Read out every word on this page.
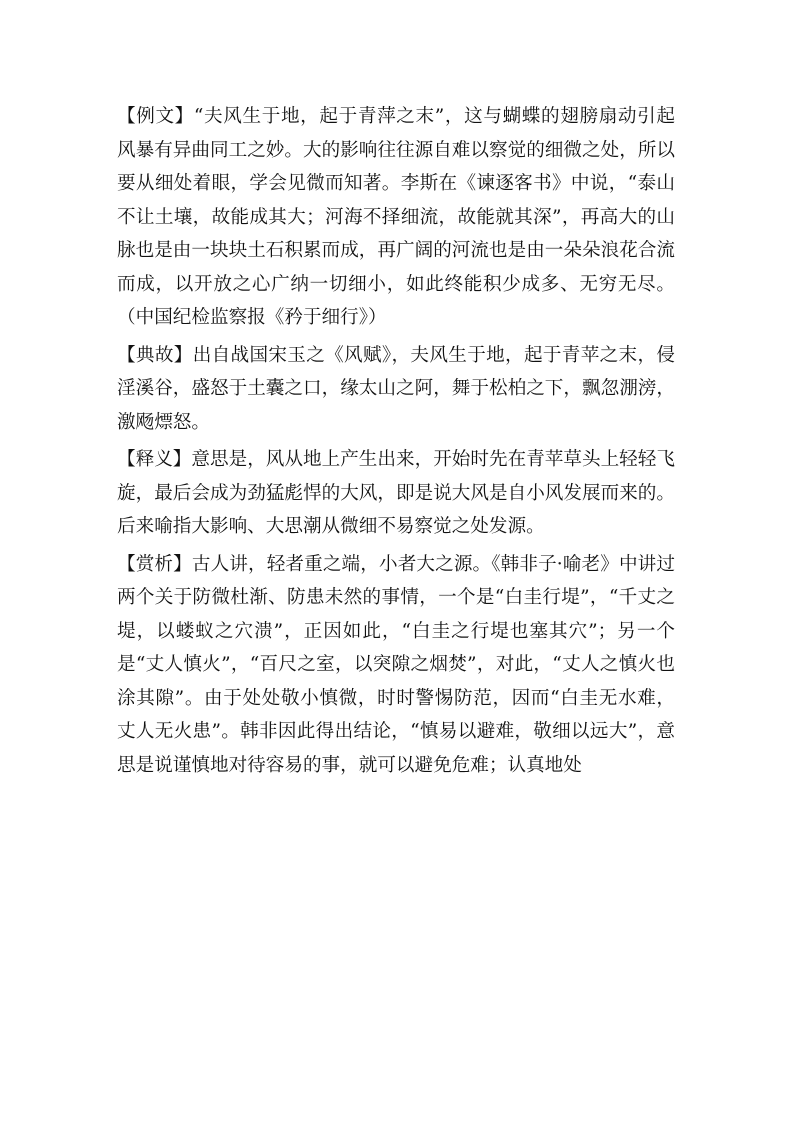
【例文】“夫风生于地，起于青萍之末”，这与蝴蝶的翅膀扇动引起风暴有异曲同工之妙。大的影响往往源自难以察觉的细微之处，所以要从细处着眼，学会见微而知著。李斯在《谏逐客书》中说，“泰山不让土壤，故能成其大；河海不择细流，故能就其深”，再高大的山脉也是由一块块土石积累而成，再广阔的河流也是由一朵朵浪花合流而成，以开放之心广纳一切细小，如此终能积少成多、无穷无尽。（中国纪检监察报《矜于细行》）

【典故】出自战国宋玉之《风赋》，夫风生于地，起于青苹之末，侵淫溪谷，盛怒于土囊之口，缘太山之阿，舞于松柏之下，飘忽淜滂，激飏熛怒。

【释义】意思是，风从地上产生出来，开始时先在青苹草头上轻轻飞旋，最后会成为劲猛彪悍的大风，即是说大风是自小风发展而来的。后来喻指大影响、大思潮从微细不易察觉之处发源。

【赏析】古人讲，轻者重之端，小者大之源。《韩非子·喻老》中讲过两个关于防微杜渐、防患未然的事情，一个是“白圭行堤”，“千丈之堤，以蝼蚁之穴溃”，正因如此，“白圭之行堤也塞其穴”；另一个是“丈人慎火”，“百尺之室，以突隙之烟焚”，对此，“丈人之慎火也涂其隙”。由于处处敬小慎微，时时警惕防范，因而“白圭无水难，丈人无火患”。韩非因此得出结论，“慎易以避难，敬细以远大”，意思是说谨慎地对待容易的事，就可以避免危难；认真地处
